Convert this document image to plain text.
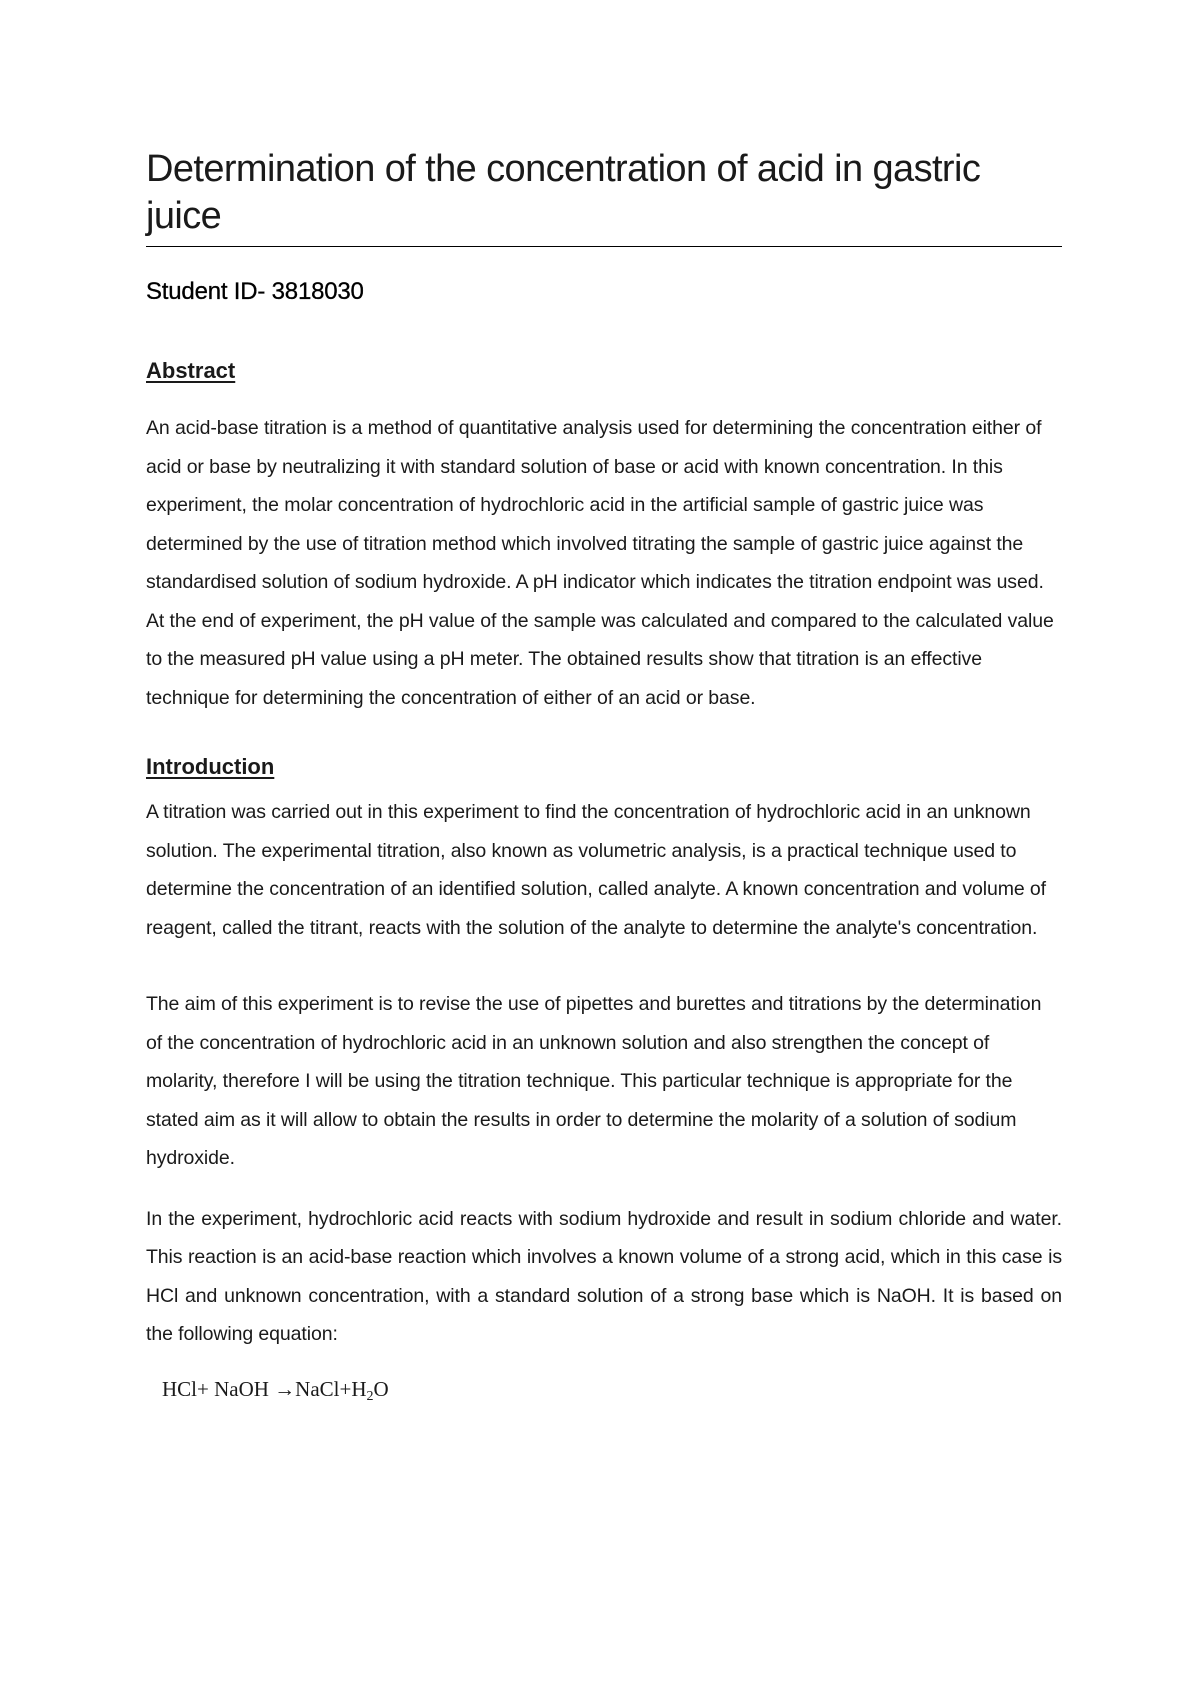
Determination of the concentration of acid in gastric juice
Student ID- 3818030
Abstract

An acid-base titration is a method of quantitative analysis used for determining the concentration either of acid or base by neutralizing it with standard solution of base or acid with known concentration. In this experiment, the molar concentration of hydrochloric acid in the artificial sample of gastric juice was determined by the use of titration method which involved titrating the sample of gastric juice against the standardised solution of sodium hydroxide. A pH indicator which indicates the titration endpoint was used. At the end of experiment, the pH value of the sample was calculated and compared to the calculated value to the measured pH value using a pH meter. The obtained results show that titration is an effective technique for determining the concentration of either of an acid or base.

Introduction

A titration was carried out in this experiment to find the concentration of hydrochloric acid in an unknown solution. The experimental titration, also known as volumetric analysis, is a practical technique used to determine the concentration of an identified solution, called analyte. A known concentration and volume of reagent, called the titrant, reacts with the solution of the analyte to determine the analyte's concentration.

The aim of this experiment is to revise the use of pipettes and burettes and titrations by the determination of the concentration of hydrochloric acid in an unknown solution and also strengthen the concept of molarity, therefore I will be using the titration technique. This particular technique is appropriate for the stated aim as it will allow to obtain the results in order to determine the molarity of a solution of sodium hydroxide.

In the experiment, hydrochloric acid reacts with sodium hydroxide and result in sodium chloride and water. This reaction is an acid-base reaction which involves a known volume of a strong acid, which in this case is HCl and unknown concentration, with a standard solution of a strong base which is NaOH. It is based on the following equation:

HCl+ NaOH $\to NaCl+H_2O$
